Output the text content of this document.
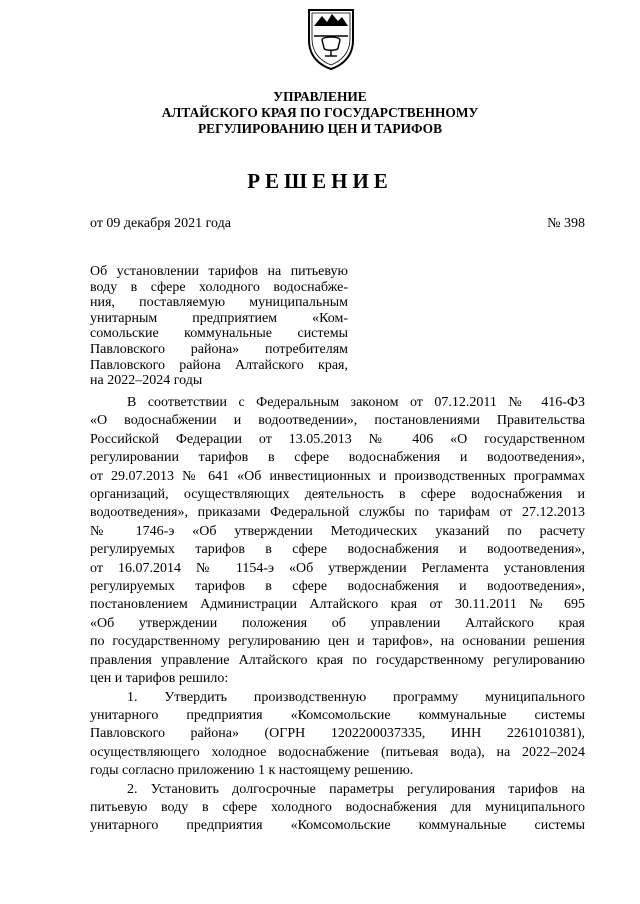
УПРАВЛЕНИЕ
АЛТАЙСКОГО КРАЯ ПО ГОСУДАРСТВЕННОМУ
РЕГУЛИРОВАНИЮ ЦЕН И ТАРИФОВ
РЕШЕНИЕ
от 09 декабря 2021 года	№ 398
Об установлении тарифов на питьевую
воду в сфере холодного водоснабже-
ния, поставляемую муниципальным
унитарным предприятием «Ком-
сомольские коммунальные системы
Павловского района» потребителям
Павловского района Алтайского края,
на 2022–2024 годы
В соответствии с Федеральным законом от 07.12.2011 № 416-ФЗ
«О водоснабжении и водоотведении», постановлениями Правительства
Российской Федерации от 13.05.2013 № 406 «О государственном
регулировании тарифов в сфере водоснабжения и водоотведения»,
от 29.07.2013 № 641 «Об инвестиционных и производственных программах
организаций, осуществляющих деятельность в сфере водоснабжения и
водоотведения», приказами Федеральной службы по тарифам от 27.12.2013
№ 1746-э «Об утверждении Методических указаний по расчету
регулируемых тарифов в сфере водоснабжения и водоотведения»,
от 16.07.2014 № 1154-э «Об утверждении Регламента установления
регулируемых тарифов в сфере водоснабжения и водоотведения»,
постановлением Администрации Алтайского края от 30.11.2011 № 695
«Об утверждении положения об управлении Алтайского края
по государственному регулированию цен и тарифов», на основании решения
правления управление Алтайского края по государственному регулированию
цен и тарифов решило:
1. Утвердить производственную программу муниципального
унитарного предприятия «Комсомольские коммунальные системы
Павловского района» (ОГРН 1202200037335, ИНН 2261010381),
осуществляющего холодное водоснабжение (питьевая вода), на 2022–2024
годы согласно приложению 1 к настоящему решению.
2. Установить долгосрочные параметры регулирования тарифов на
питьевую воду в сфере холодного водоснабжения для муниципального
унитарного предприятия «Комсомольские коммунальные системы
